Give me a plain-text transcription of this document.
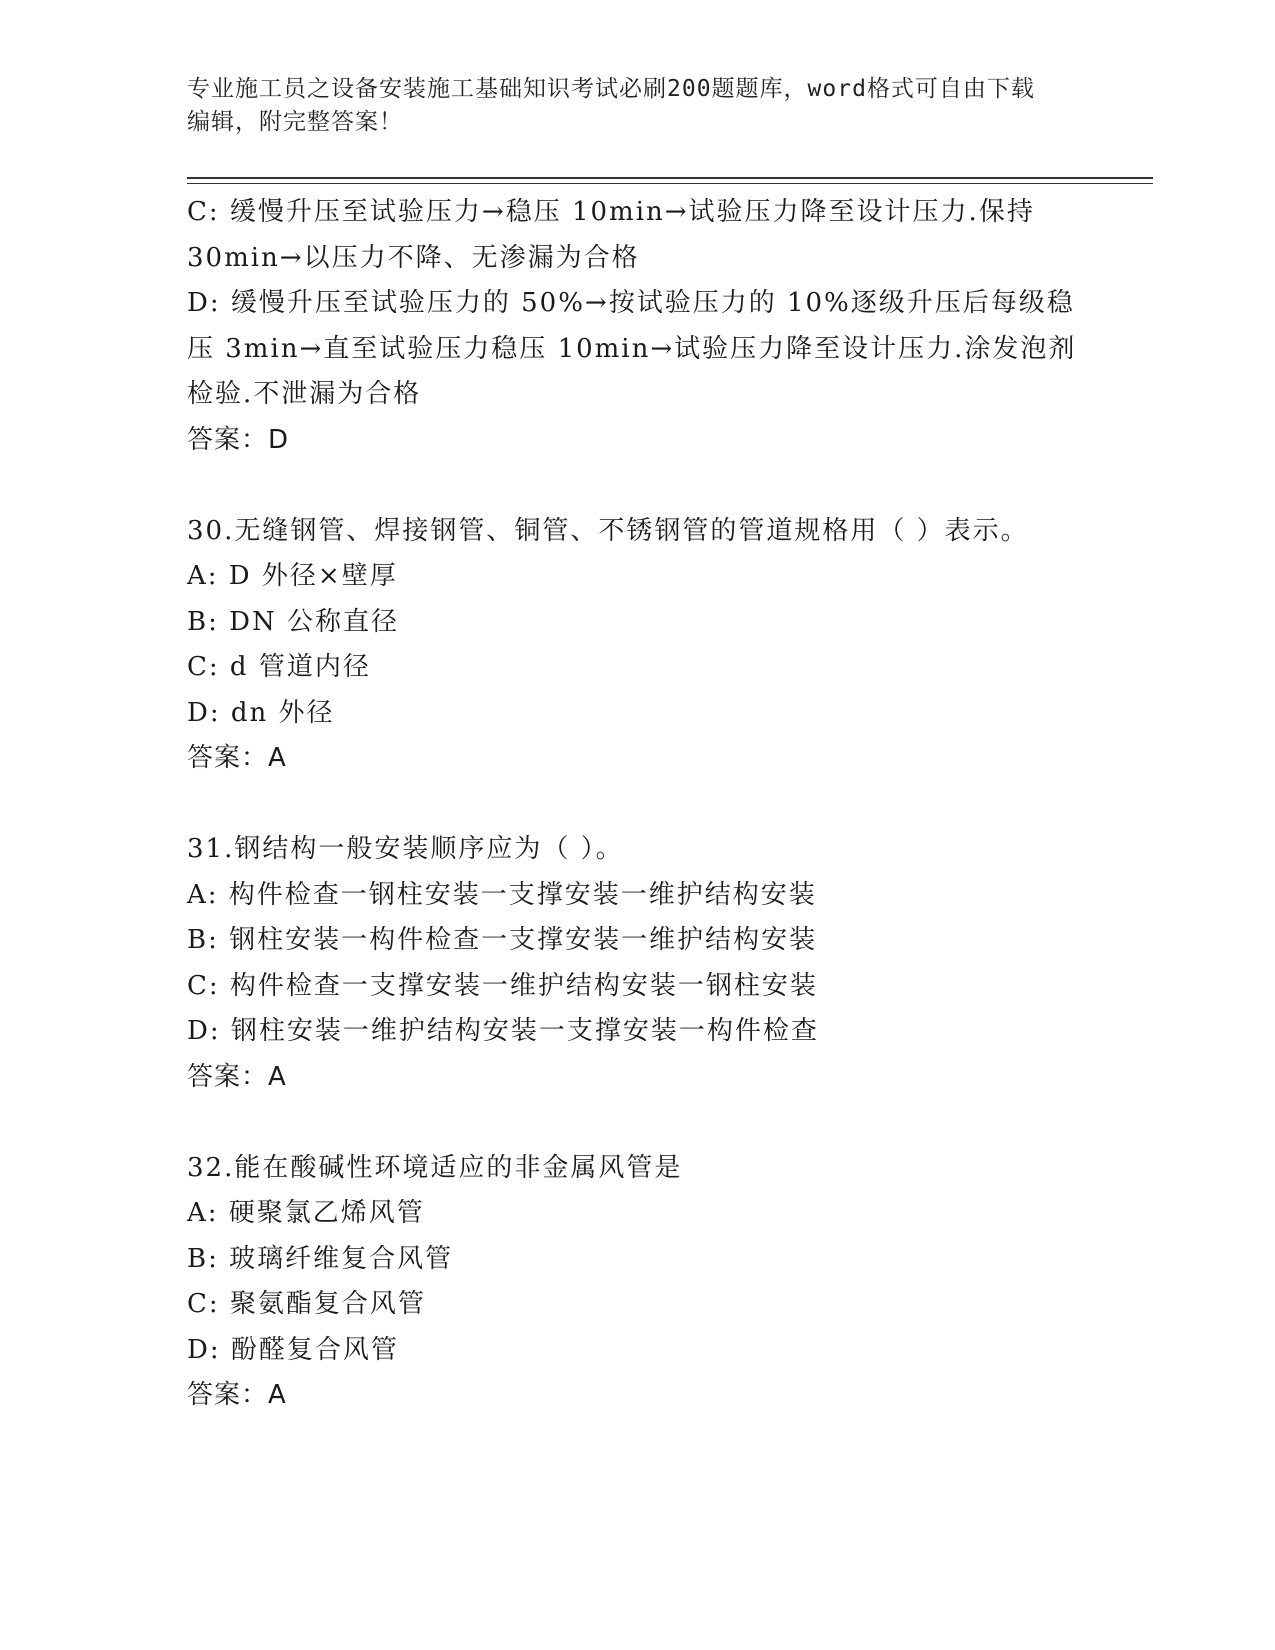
专业施工员之设备安装施工基础知识考试必刷200题题库，word格式可自由下载
编辑，附完整答案！
C: 缓慢升压至试验压力→稳压 10min→试验压力降至设计压力.保持
30min→以压力不降、无渗漏为合格
D: 缓慢升压至试验压力的 50%→按试验压力的 10%逐级升压后每级稳
压 3min→直至试验压力稳压 10min→试验压力降至设计压力.涂发泡剂
检验.不泄漏为合格
答案：D
30.无缝钢管、焊接钢管、铜管、不锈钢管的管道规格用（ ）表示。
A: D 外径×壁厚
B: DN 公称直径
C: d 管道内径
D: dn 外径
答案：A
31.钢结构一般安装顺序应为（ ）。
A: 构件检查一钢柱安装一支撑安装一维护结构安装
B: 钢柱安装一构件检查一支撑安装一维护结构安装
C: 构件检查一支撑安装一维护结构安装一钢柱安装
D: 钢柱安装一维护结构安装一支撑安装一构件检查
答案：A
32.能在酸碱性环境适应的非金属风管是
A: 硬聚氯乙烯风管
B: 玻璃纤维复合风管
C: 聚氨酯复合风管
D: 酚醛复合风管
答案：A
